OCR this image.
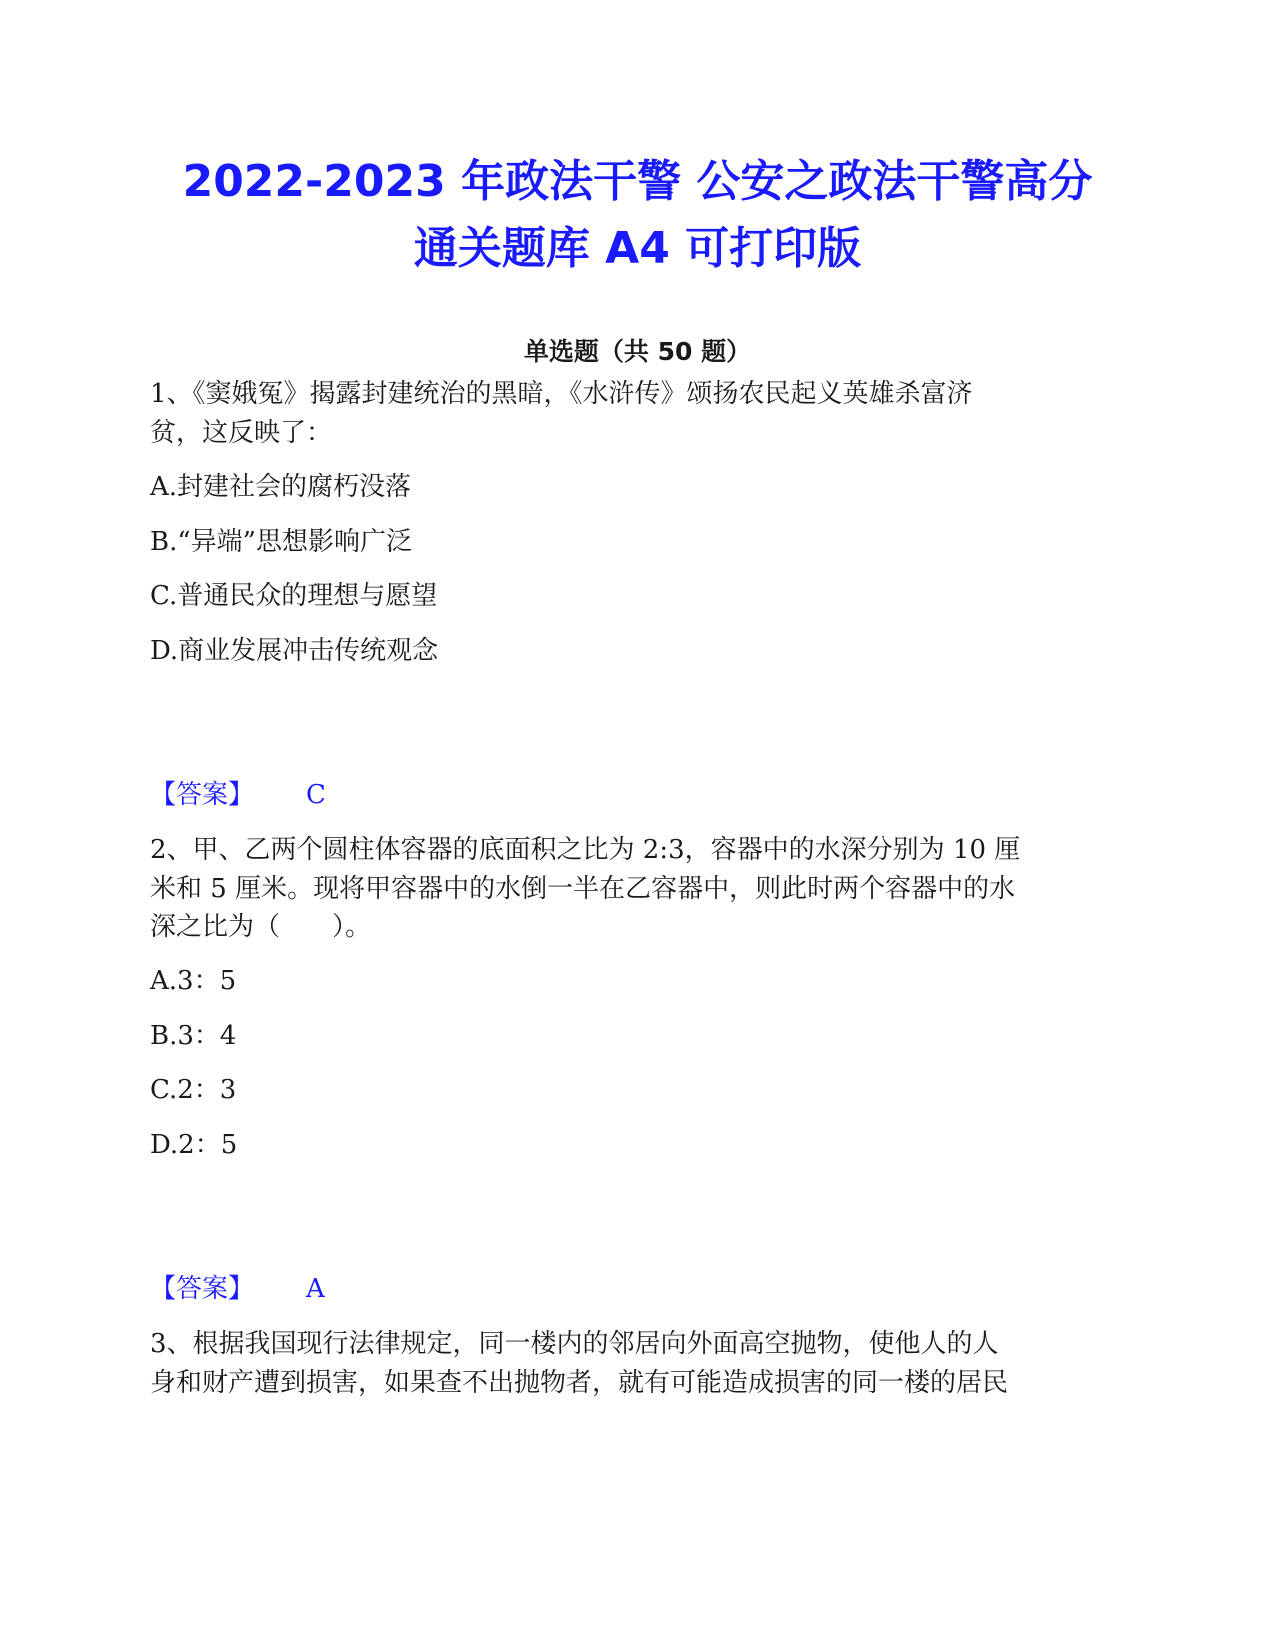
2022-2023 年政法干警 公安之政法干警高分
通关题库 A4 可打印版
单选题（共 50 题）
1、《窦娥冤》揭露封建统治的黑暗，《水浒传》颂扬农民起义英雄杀富济
贫，这反映了：
A.封建社会的腐朽没落
B.“异端”思想影响广泛
C.普通民众的理想与愿望
D.商业发展冲击传统观念
【答案】 C
2、甲、乙两个圆柱体容器的底面积之比为 2:3，容器中的水深分别为 10 厘
米和 5 厘米。现将甲容器中的水倒一半在乙容器中，则此时两个容器中的水
深之比为（　　）。
A.3：5
B.3：4
C.2：3
D.2：5
【答案】 A
3、根据我国现行法律规定，同一楼内的邻居向外面高空抛物，使他人的人
身和财产遭到损害，如果查不出抛物者，就有可能造成损害的同一楼的居民
